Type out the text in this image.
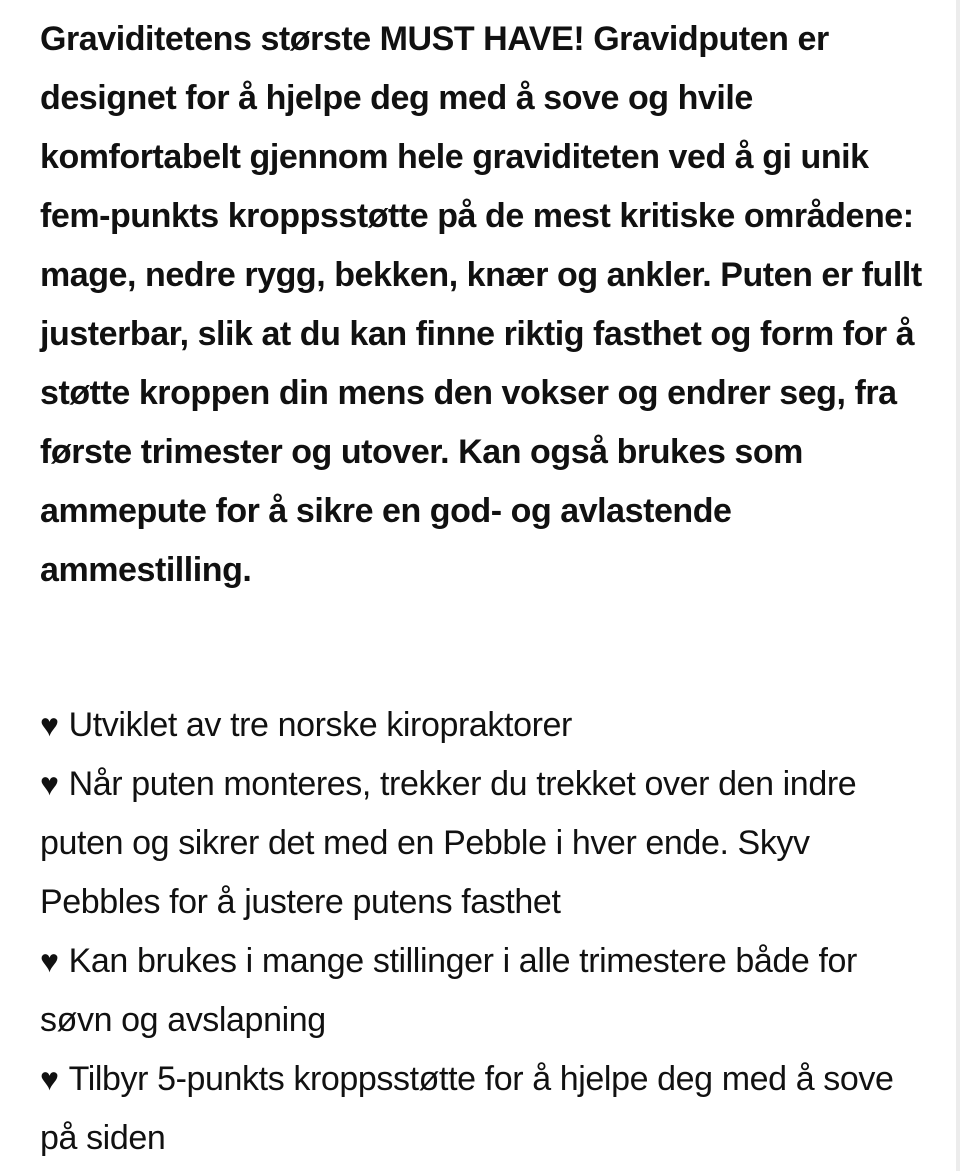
Graviditetens største MUST HAVE! Gravidputen er designet for å hjelpe deg med å sove og hvile komfortabelt gjennom hele graviditeten ved å gi unik fem-punkts kroppsstøtte på de mest kritiske områdene: mage, nedre rygg, bekken, knær og ankler. Puten er fullt justerbar, slik at du kan finne riktig fasthet og form for å støtte kroppen din mens den vokser og endrer seg, fra første trimester og utover. Kan også brukes som ammepute for å sikre en god- og avlastende ammestilling.

♥ Utviklet av tre norske kiropraktorer
♥ Når puten monteres, trekker du trekket over den indre puten og sikrer det med en Pebble i hver ende. Skyv Pebbles for å justere putens fasthet
♥ Kan brukes i mange stillinger i alle trimestere både for søvn og avslapning
♥ Tilbyr 5-punkts kroppsstøtte for å hjelpe deg med å sove på siden
